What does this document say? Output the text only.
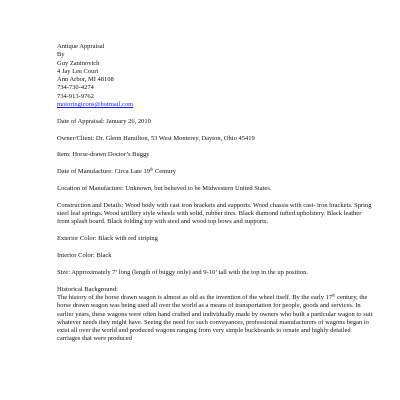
Antique Appraisal
By
Guy Zaninovich
4 Jay Lee Court
Ann Arbor, MI 48108
734-730-4274
734-913-9762
motoringicons@hotmail.com
Date of Appraisal: January 26, 2010
Owner/Client: Dr. Glenn Hamilton, 53 West Monterey, Dayton, Ohio 45419
Item: Horse-drawn Doctor’s Buggy
Date of Manufacture: Circa Late 19th Century
Location of Manufacture: Unknown, but believed to be Midwestern United States.
Construction and Details: Wood body with cast iron brackets and supports. Wood chassis with cast- iron brackets. Spring steel leaf springs. Wood artillery style wheels with solid, rubber tires. Black diamond tufted upholstery. Black leather front splash board. Black folding top with steel and wood top bows and supports.
Exterior Color: Black with red striping
Interior Color: Black
Size: Approximately 7’ long (length of buggy only) and 9-10’ tall with the top in the up position.
Historical Background:
The history of the horse drawn wagon is almost as old as the invention of the wheel itself. By the early 17th century, the horse drawn wagon was being used all over the world as a means of transportation for people, goods and services. In earlier years, these wagons were often hand crafted and individually made by owners who built a particular wagon to suit whatever needs they might have. Seeing the need for such conveyances, professional manufacturers of wagons began to exist all over the world and produced wagons ranging from very simple buckboards to ornate and highly detailed carriages that were produced
